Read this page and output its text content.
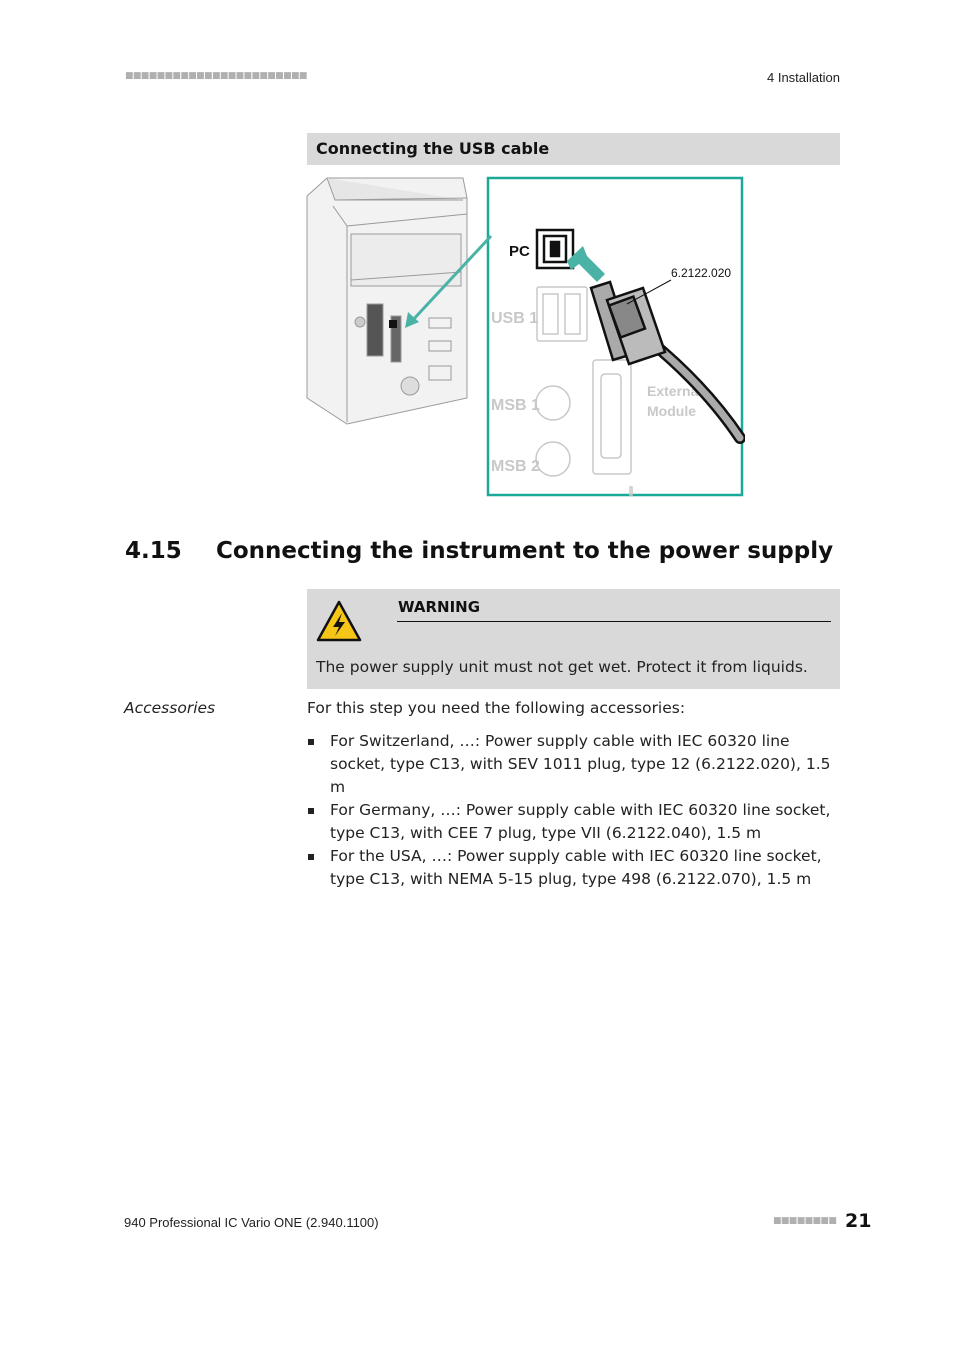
■■■■■■■■■■■■■■■■■■■■■■■	4 Installation
Connecting the USB cable
USB 1
MSB 1
MSB 2
External
Module
PC
6.2122.020
4.15 Connecting the instrument to the power supply
WARNING
The power supply unit must not get wet. Protect it from liquids.
Accessories	For this step you need the following accessories:
For Switzerland, …: Power supply cable with IEC 60320 line socket, type C13, with SEV 1011 plug, type 12 (6.2122.020), 1.5 m
For Germany, …: Power supply cable with IEC 60320 line socket, type C13, with CEE 7 plug, type VII (6.2122.040), 1.5 m
For the USA, …: Power supply cable with IEC 60320 line socket, type C13, with NEMA 5-15 plug, type 498 (6.2122.070), 1.5 m
940 Professional IC Vario ONE (2.940.1100)	■■■■■■■■ 21
